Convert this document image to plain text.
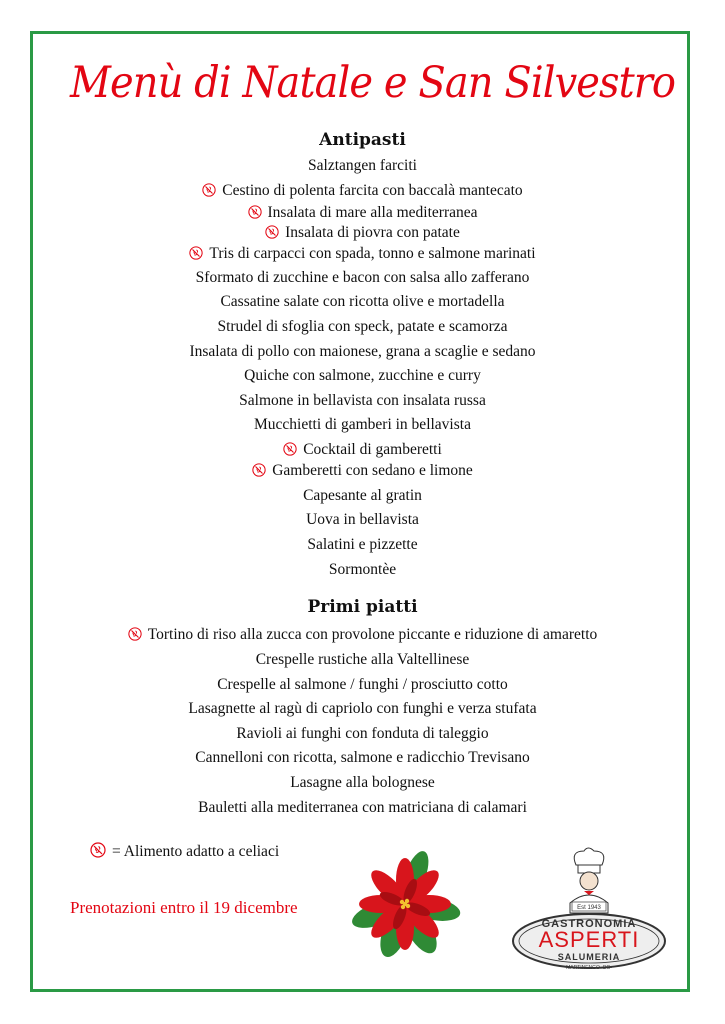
Menù di Natale e San Silvestro
Antipasti
Salztangen farciti
Cestino di polenta farcita con baccalà mantecato
Insalata di mare alla mediterranea
Insalata di piovra con patate
Tris di carpacci con spada, tonno e salmone marinati
Sformato di zucchine e bacon con salsa allo zafferano
Cassatine salate con ricotta olive e mortadella
Strudel di sfoglia con speck, patate e scamorza
Insalata di pollo con maionese, grana a scaglie e sedano
Quiche con salmone, zucchine e curry
Salmone in bellavista con insalata russa
Mucchietti di gamberi in bellavista
Cocktail di gamberetti
Gamberetti con sedano e limone
Capesante al gratin
Uova in bellavista
Salatini e pizzette
Sormontèe
Primi piatti
Tortino di riso alla zucca con provolone piccante e riduzione di amaretto
Crespelle rustiche alla Valtellinese
Crespelle al salmone / funghi / prosciutto cotto
Lasagnette al ragù di capriolo con funghi e verza stufata
Ravioli ai funghi con fonduta di taleggio
Cannelloni con ricotta, salmone e radicchio Trevisano
Lasagne alla bolognese
Bauletti alla mediterranea con matriciana di calamari
= Alimento adatto a celiaci
Prenotazioni entro il 19 dicembre	Est 1943
GASTRONOMIA
ASPERTI
SALUMERIA
MARTINENGO -BG-
